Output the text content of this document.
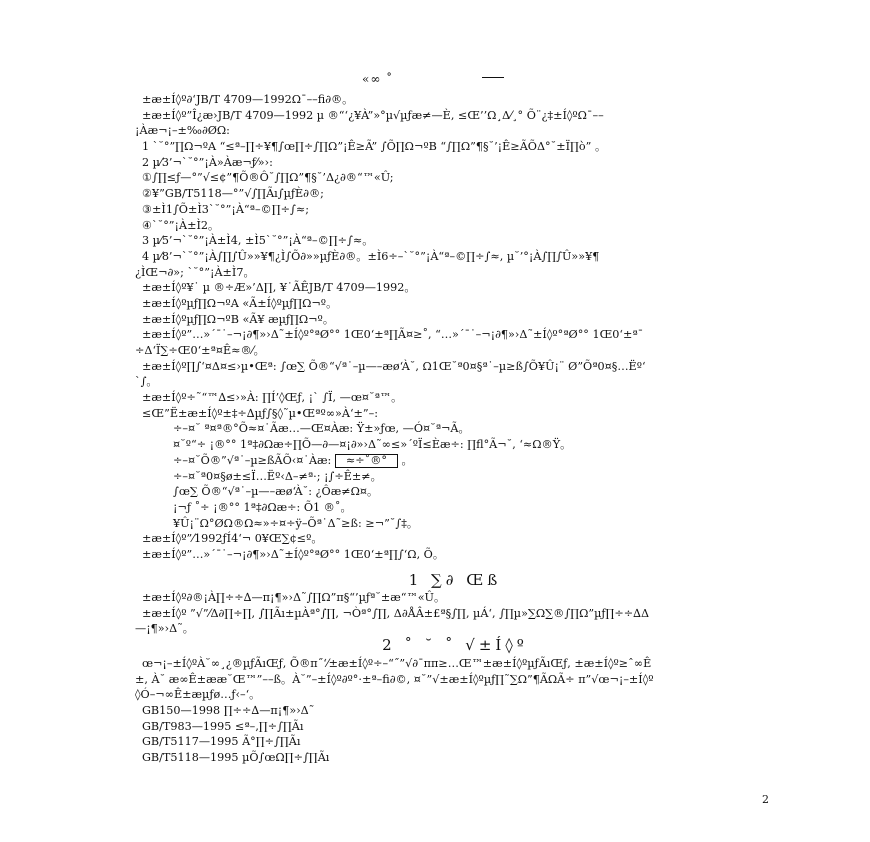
«∞ ˚
±æ±Í◊º∂‘JB/T 4709—1992Ω¯––fi∂®。
±æ±Í◊º”Î¿æ›JB/T 4709—1992 µ ®“‘¿¥À”»°µ√µƒæ≠—È, ≤Œ’’Ω¸Δ⁄¸° Õ¨¿‡±Í◊ºΩ¯––
¡Àæ¬¡–±‰∂ØΩ:
1 `˘°”∏Ω¬ºA “≤ª–∏÷¥¶∫œ∏÷∫∏Ω”¡Ê≥Ã” ∫Õ∏Ω¬ºB “∫∏Ω”¶§˘’¡Ê≥ÃÕΔ°˘±Ï∏ò” 。
2 µ⁄3’¬`˘°”¡À»Àæ¬ƒ⁄»›:
①∫∏≤ƒ—°”√≤¢”¶Õ®Ô˘∫∏Ω”¶§˘’Δ¿∂®“™«Û;
②¥”GB/T5118—°”√∫∏Ãı∫µƒÈ∂®;
③±Ì1∫Õ±Ì3`˘°”¡À“ª–©∏÷∫≈;
④`˘°”¡À±Ì2。
3 µ⁄5’¬`˘°”¡À±Ì4, ±Ì5`˘°”¡À“ª–©∏÷∫≈。
4 µ⁄8’¬`˘°”¡À∫∏∫Û»»¥¶¿Ì∫Õ∂»»µƒÈ∂®。±Ì6÷–`˘°”¡À“ª–©∏÷∫≈, µ˘’°¡À∫∏∫Û»»¥¶
¿ÌŒ¬∂»; `˘°”¡À±Ì7。
±æ±Í◊º¥˙ µ ®÷Æ»’Δ∏, ¥˙ÃÊJB/T 4709—1992。
±æ±Í◊ºµƒ∏Ω¬ºA «Ã±Í◊ºµƒ∏Ω¬º。
±æ±Í◊ºµƒ∏Ω¬ºB «Ã¥ æµƒ∏Ω¬º。
±æ±Í◊º”…»´¯˙–¬¡∂¶»›Δ˜±Í◊º°ªØ°° 1Œ0‘±ª∏Ã¤≥˚, “…»´¯˙–¬¡∂¶»›Δ˜±Í◊º°ªØ°° 1Œ0‘±ª¯
÷Δ‘Ï∑÷Œ0‘±ª¤Ê≈®⁄。
±æ±Í◊º∏∫‘¤Δ¤≤›µ•Œª: ∫œ∑ Õ®“√ª˙–µ—–æø‘À˘, Ω1Œ˘ª0¤§ª˙–µ≥ß∫Õ¥Û¡¨ Ø”Õª0¤§…Ëº‘
`∫。
±æ±Í◊º÷˜“™∆≤›»À: ∏Í’◊Œƒ, ¡` ∫Ï, —œ¤˘ª™。
≤Œ”Ë±æ±Í◊º±‡÷∆µƒ∫§◊˜µ•Œªº∞»À‘±”–:
÷–¤˘ ª¤ª®°Õ≈¤˙Ãæ…—Œ¤Àæ: Ÿ±»ƒœ, —Ó¤˘ª¬Ã。
¤˘º“÷ ¡®°° 1ª‡∂Ωæ÷∏Õ—∂—¤¡∂»›Δ˜∞≤»´ºÏ≤Èæ÷: ∏fl°Ã¬˘, ‘≈Ω®Ÿ。
÷–¤˘Õ®”√ª˙–µ≥ßÃÕ‹¤˙Àæ: ≈÷˚®° 。
÷–¤˘ª0¤§ø±≤Ï…Ëº‹Δ–≠ª·; ¡∫÷Ê±≠。
∫œ∑ Õ®“√ª˙–µ—–æø‘À˘: ¿Ôæ≠Ω¤。
¡¬ƒ ˚÷ ¡®°° 1ª‡∂Ωæ÷: Õ1 ®˚。
¥Û¡¨Ω°ØΩ®Ω≈»÷¤÷ÿ–Õª˙Δ˜≥ß: ≥¬”˘∫‡。
±æ±Í◊º”⁄1992ƒÍ4‘¬ 0¥Œ∑¢≤º。
±æ±Í◊º”…»´¯˙–¬¡∂¶»›Δ˜±Í◊º°ªØ°° 1Œ0‘±ª∏∫‘Ω‚ Õ。
1 ∑∂ Œß
±æ±Í◊º∂®¡À∏÷÷∆—π¡¶»›Δ˜∫∏Ω”π§“’µƒª˘±æ“™«Û。
±æ±Í◊º ”√”⁄Δ∂∏÷∏, ∫∏Ãı±µÀª°∫∏, ¬Òª°∫∏, Δ∂ÅÂ±£ª§∫∏, µÁ‘, ∫∏µ»∑Ω∑®∫∏Ω”µƒ∏÷÷∆Δ
—¡¶»›Δ˜。
2 ˚ ˘ ˚ √±Í◊º
œ¬¡–±Í◊ºÀ˘∞¸¿®µƒÃıŒƒ, Õ®π˝‘⁄±æ±Í◊º÷–“˝”√∂¯ππ≥…Œ™±æ±Í◊ºµƒÃıŒƒ, ±æ±Í◊º≥ˆ∞Ê
±, À˘ æ∞Ê±ææ˘Œ™”––ß。À˘”–±Í◊º∂º°·±ª–fi∂©, ¤˘”√±æ±Í◊ºµƒ∏˜∑Ω”¶ÃΩÃ÷ π”√œ¬¡–±Í◊º
◊Ó–¬∞Ê±æµƒø…ƒ‹–‘。
GB150—1998 ∏÷÷∆—π¡¶»›Δ˜
GB/T983—1995 ≤ª–‚∏÷∫∏Ãı
GB/T5117—1995 Ã°∏÷∫∏Ãı
GB/T5118—1995 µÕ∫œΩ∏÷∫∏Ãı
2
